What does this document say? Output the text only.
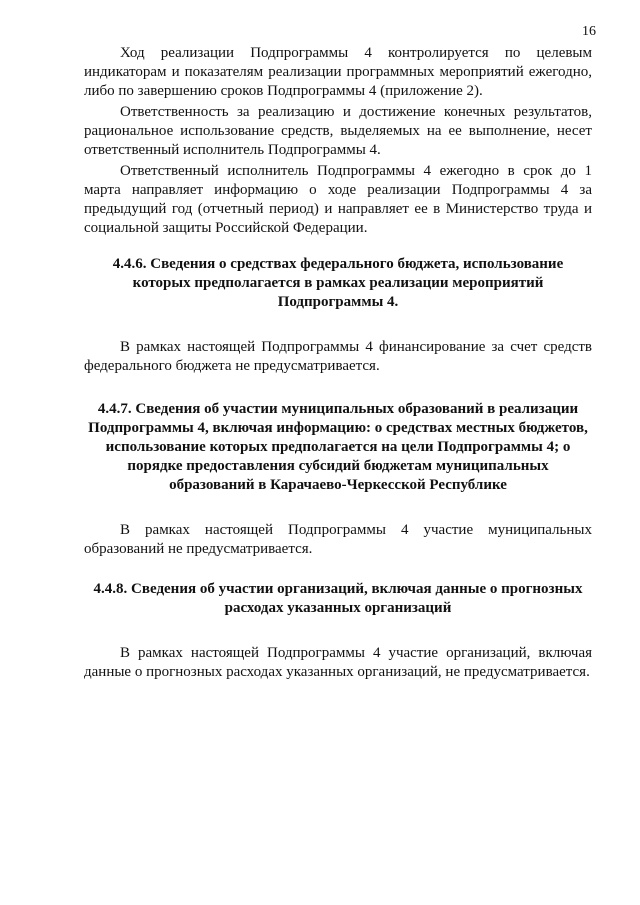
16

Ход реализации Подпрограммы 4 контролируется по целевым индикаторам и показателям реализации программных мероприятий ежегодно, либо по завершению сроков Подпрограммы 4 (приложение 2).

Ответственность за реализацию и достижение конечных результатов, рациональное использование средств, выделяемых на ее выполнение, несет ответственный исполнитель Подпрограммы 4.

Ответственный исполнитель Подпрограммы 4 ежегодно в срок до 1 марта направляет информацию о ходе реализации Подпрограммы 4 за предыдущий год (отчетный период) и направляет ее в Министерство труда и социальной защиты Российской Федерации.

4.4.6. Сведения о средствах федерального бюджета, использование которых предполагается в рамках реализации мероприятий Подпрограммы 4.

В рамках настоящей Подпрограммы 4 финансирование за счет средств федерального бюджета не предусматривается.

4.4.7. Сведения об участии муниципальных образований в реализации Подпрограммы 4, включая информацию: о средствах местных бюджетов, использование которых предполагается на цели Подпрограммы 4; о порядке предоставления субсидий бюджетам муниципальных образований в Карачаево-Черкесской Республике

В рамках настоящей Подпрограммы 4 участие муниципальных образований не предусматривается.

4.4.8. Сведения об участии организаций, включая данные о прогнозных расходах указанных организаций

В рамках настоящей Подпрограммы 4 участие организаций, включая данные о прогнозных расходах указанных организаций, не предусматривается.
